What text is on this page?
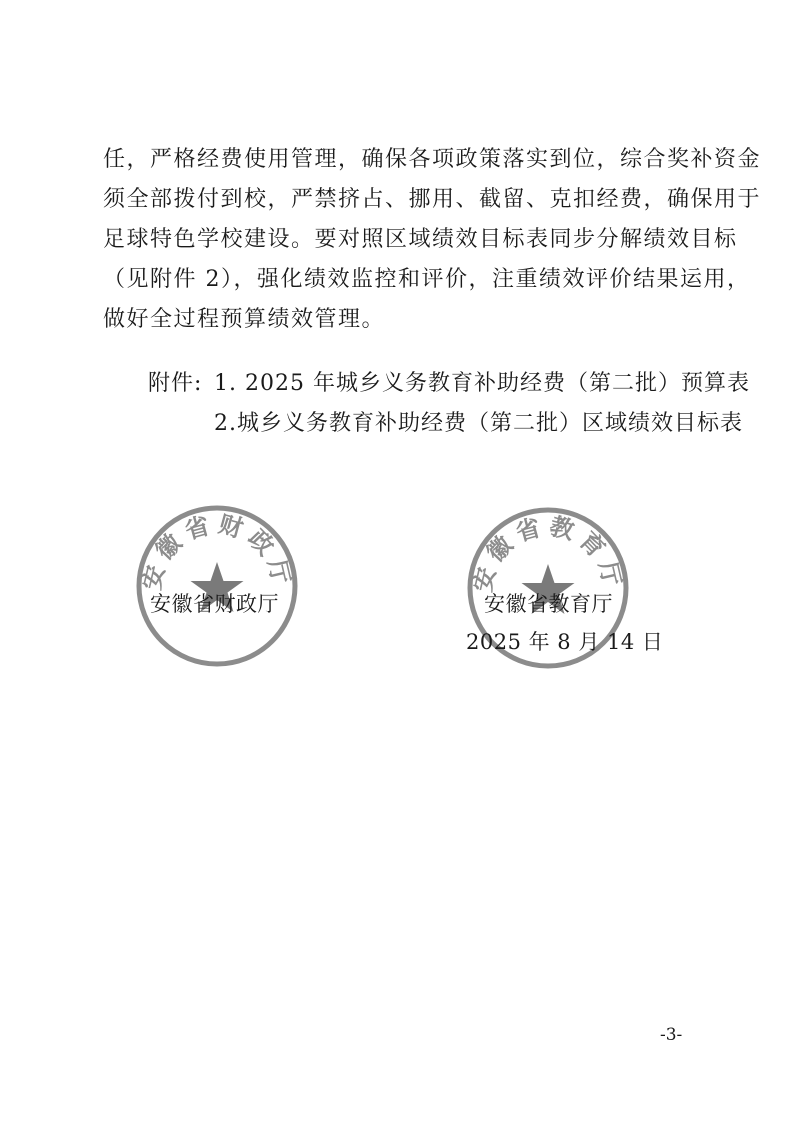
任，严格经费使用管理，确保各项政策落实到位，综合奖补资金
须全部拨付到校，严禁挤占、挪用、截留、克扣经费，确保用于
足球特色学校建设。要对照区域绩效目标表同步分解绩效目标
（见附件 2），强化绩效监控和评价，注重绩效评价结果运用，
做好全过程预算绩效管理。
附件: 1. 2025 年城乡义务教育补助经费（第二批）预算表
2.城乡义务教育补助经费（第二批）区域绩效目标表
安徽省财政厅	安徽省教育厅
安徽省财政厅	安徽省教育厅
2025 年 8 月 14 日
-3-
